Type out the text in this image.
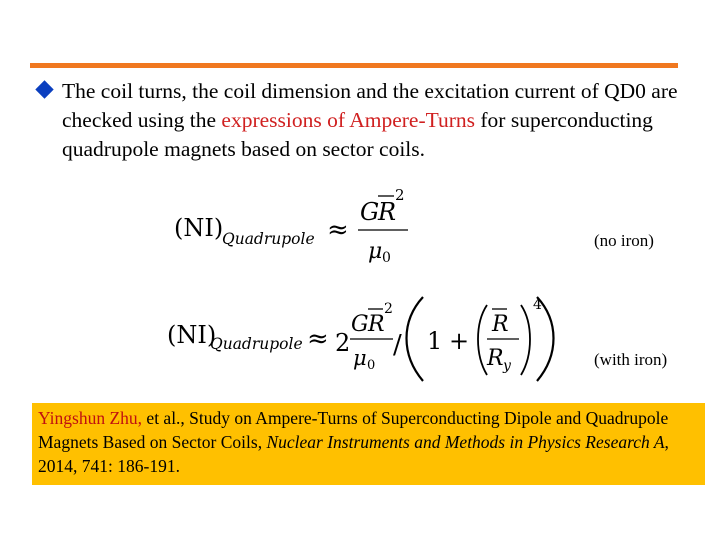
The coil turns, the coil dimension and the excitation current of QD0 are checked using the expressions of Ampere-Turns for superconducting quadrupole magnets based on sector coils.
(NI)
Quadrupole ≈
G
R
2
μ 0
(no iron)
(NI)
Quadrupole ≈ 2
G R
2
μ 0
/ 1 +
R
R y
4
(with iron)
Yingshun Zhu, et al., Study on Ampere-Turns of Superconducting Dipole and Quadrupole Magnets Based on Sector Coils, Nuclear Instruments and Methods in Physics Research A, 2014, 741: 186-191.
